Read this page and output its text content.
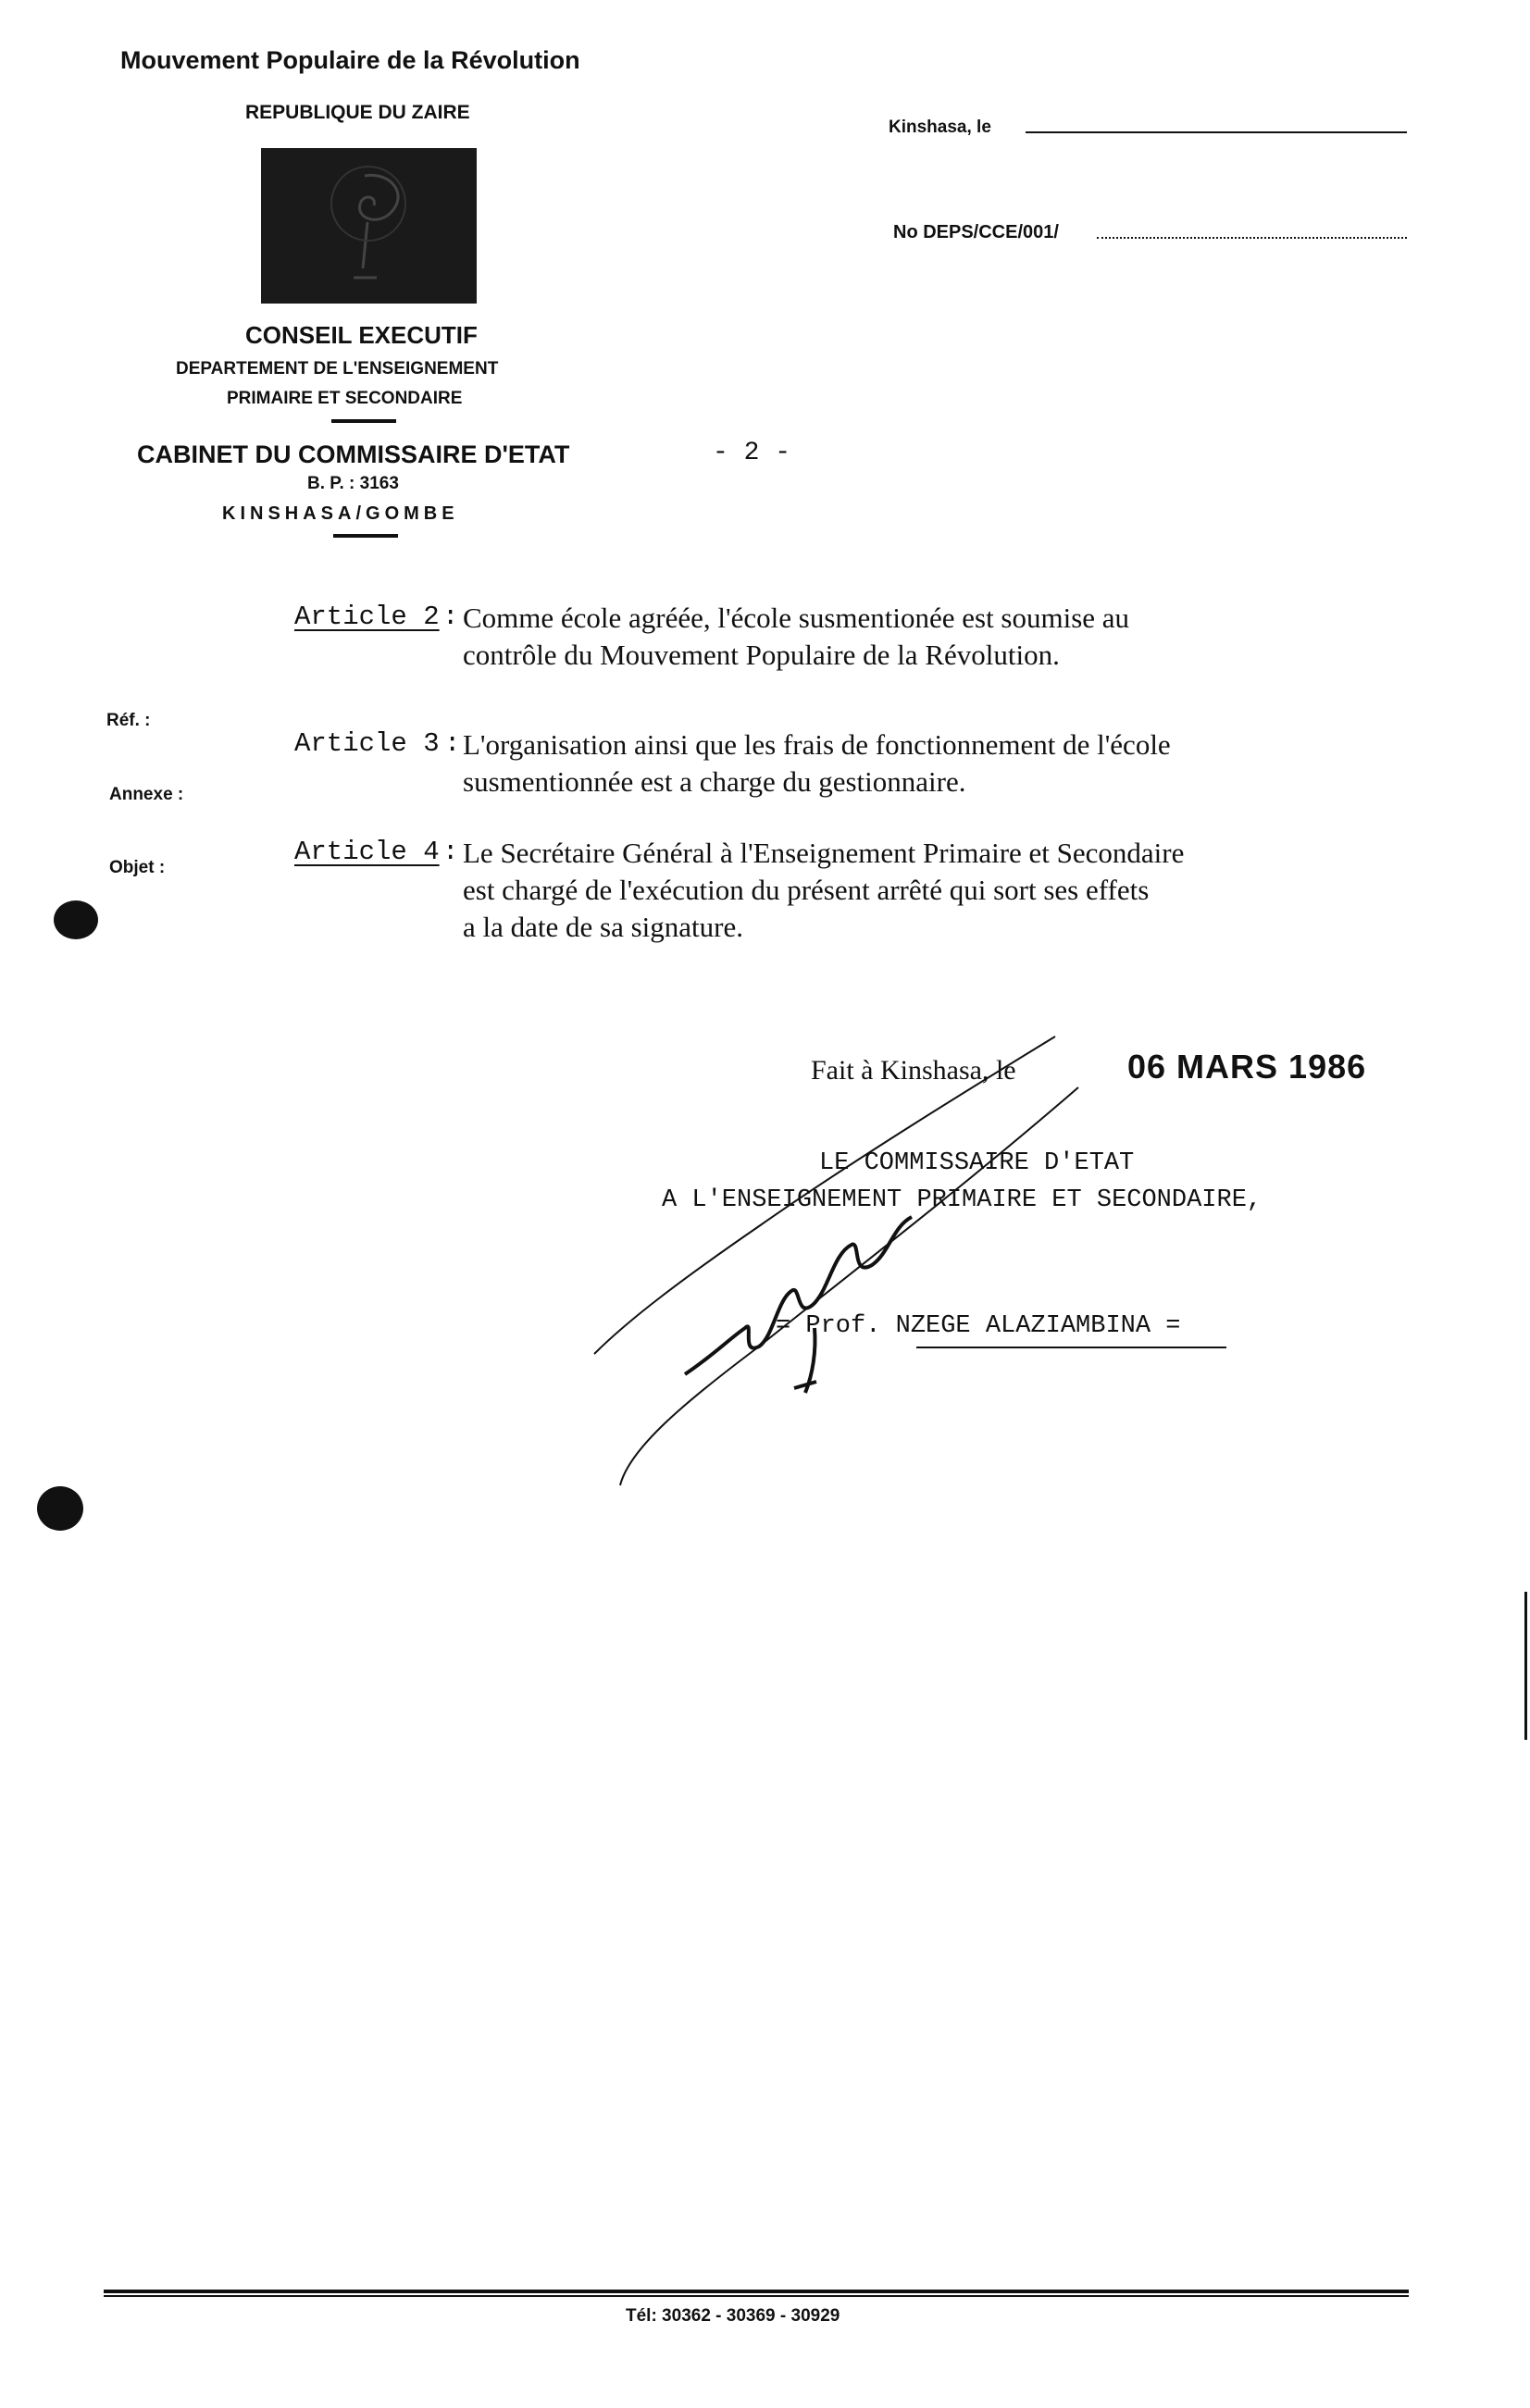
Mouvement Populaire de la Révolution
REPUBLIQUE DU ZAIRE
CONSEIL EXECUTIF
DEPARTEMENT DE L'ENSEIGNEMENT
PRIMAIRE ET SECONDAIRE
CABINET DU COMMISSAIRE D'ETAT
B. P. : 3163
KINSHASA/GOMBE
- 2 -
Kinshasa, le
No DEPS/CCE/001/
Réf. :
Annexe :
Objet :
Article 2 : Comme école agréée, l'école susmentionée est soumise au
contrôle du Mouvement Populaire de la Révolution.
Article 3 : L'organisation ainsi que les frais de fonctionnement de l'école
susmentionnée est a charge du gestionnaire.
Article 4 : Le Secrétaire Général à l'Enseignement Primaire et Secondaire
est chargé de l'exécution du présent arrêté qui sort ses effets
a la date de sa signature.
Fait à Kinshasa, le	06 MARS 1986
LE COMMISSAIRE D'ETAT
A L'ENSEIGNEMENT PRIMAIRE ET SECONDAIRE,
= Prof. NZEGE ALAZIAMBINA =
Tél: 30362 - 30369 - 30929
